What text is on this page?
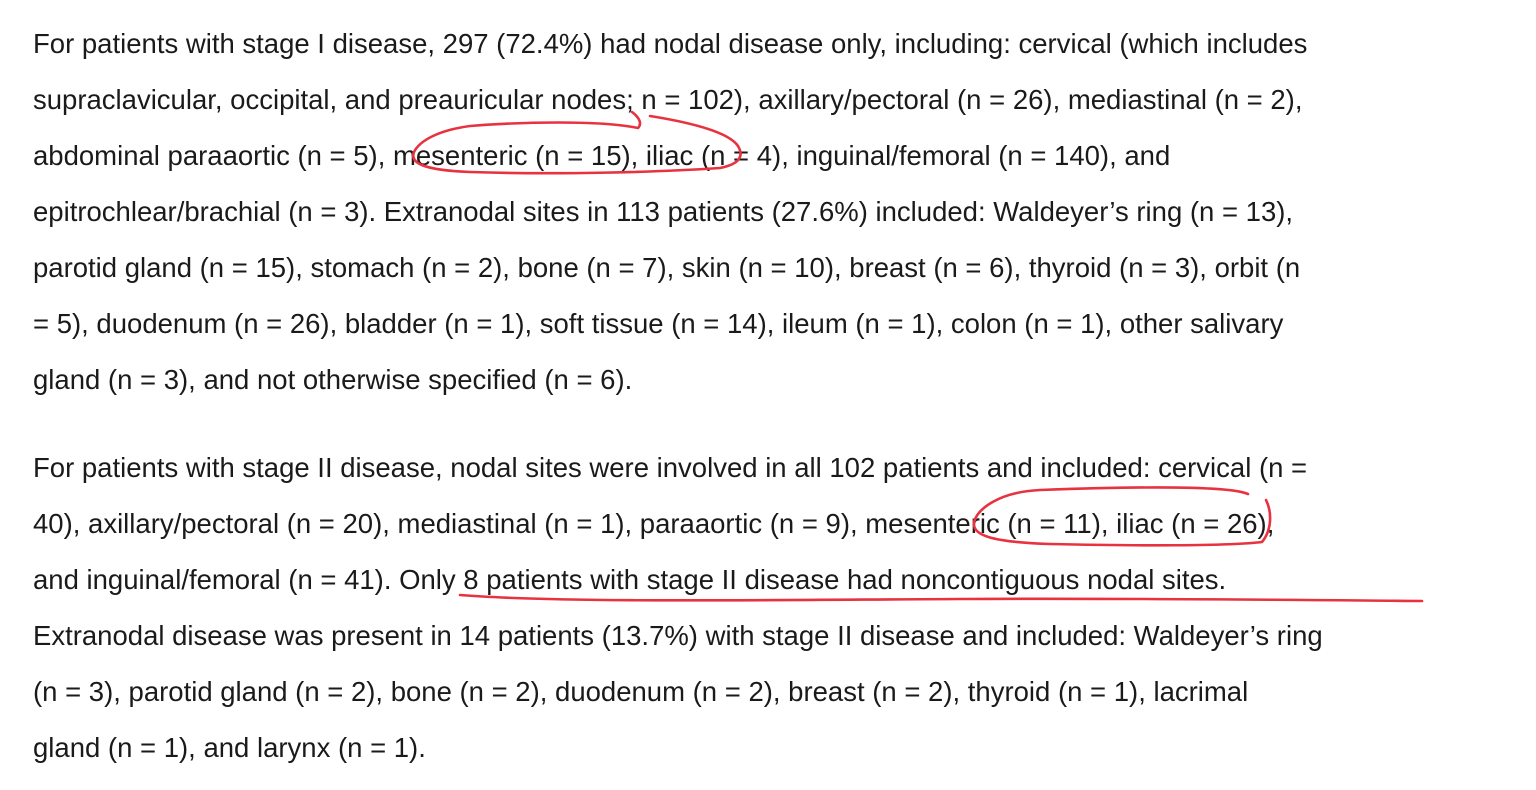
For patients with stage I disease, 297 (72.4%) had nodal disease only, including: cervical (which includes
supraclavicular, occipital, and preauricular nodes; n = 102), axillary/pectoral (n = 26), mediastinal (n = 2),
abdominal paraaortic (n = 5), mesenteric (n = 15), iliac (n = 4), inguinal/femoral (n = 140), and
epitrochlear/brachial (n = 3). Extranodal sites in 113 patients (27.6%) included: Waldeyer’s ring (n = 13),
parotid gland (n = 15), stomach (n = 2), bone (n = 7), skin (n = 10), breast (n = 6), thyroid (n = 3), orbit (n
= 5), duodenum (n = 26), bladder (n = 1), soft tissue (n = 14), ileum (n = 1), colon (n = 1), other salivary
gland (n = 3), and not otherwise specified (n = 6).
For patients with stage II disease, nodal sites were involved in all 102 patients and included: cervical (n =
40), axillary/pectoral (n = 20), mediastinal (n = 1), paraaortic (n = 9), mesenteric (n = 11), iliac (n = 26),
and inguinal/femoral (n = 41). Only 8 patients with stage II disease had noncontiguous nodal sites.
Extranodal disease was present in 14 patients (13.7%) with stage II disease and included: Waldeyer’s ring
(n = 3), parotid gland (n = 2), bone (n = 2), duodenum (n = 2), breast (n = 2), thyroid (n = 1), lacrimal
gland (n = 1), and larynx (n = 1).
